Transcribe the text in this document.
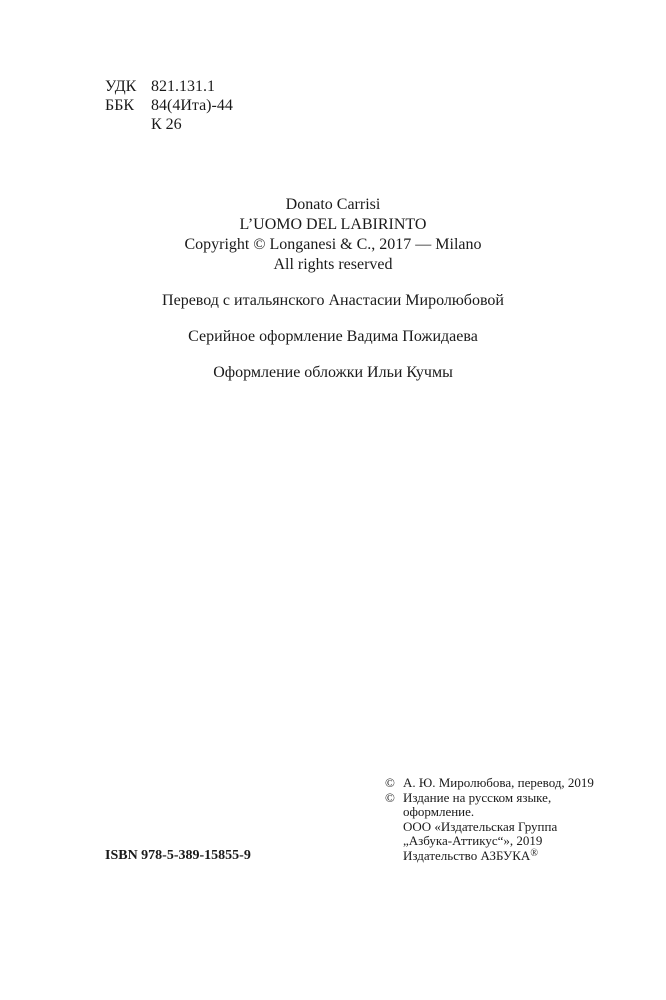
УДК 821.131.1
ББК 84(4Ита)-44
К 26
Donato Carrisi
L’UOMO DEL LABIRINTO
Copyright © Longanesi & C., 2017 — Milano
All rights reserved
Перевод с итальянского Анастасии Миролюбовой
Серийное оформление Вадима Пожидаева
Оформление обложки Ильи Кучмы
© А. Ю. Миролюбова, перевод, 2019
© Издание на русском языке,
оформление.
ООО «Издательская Группа
„Азбука-Аттикус“», 2019
Издательство АЗБУКА®
ISBN 978-5-389-15855-9
